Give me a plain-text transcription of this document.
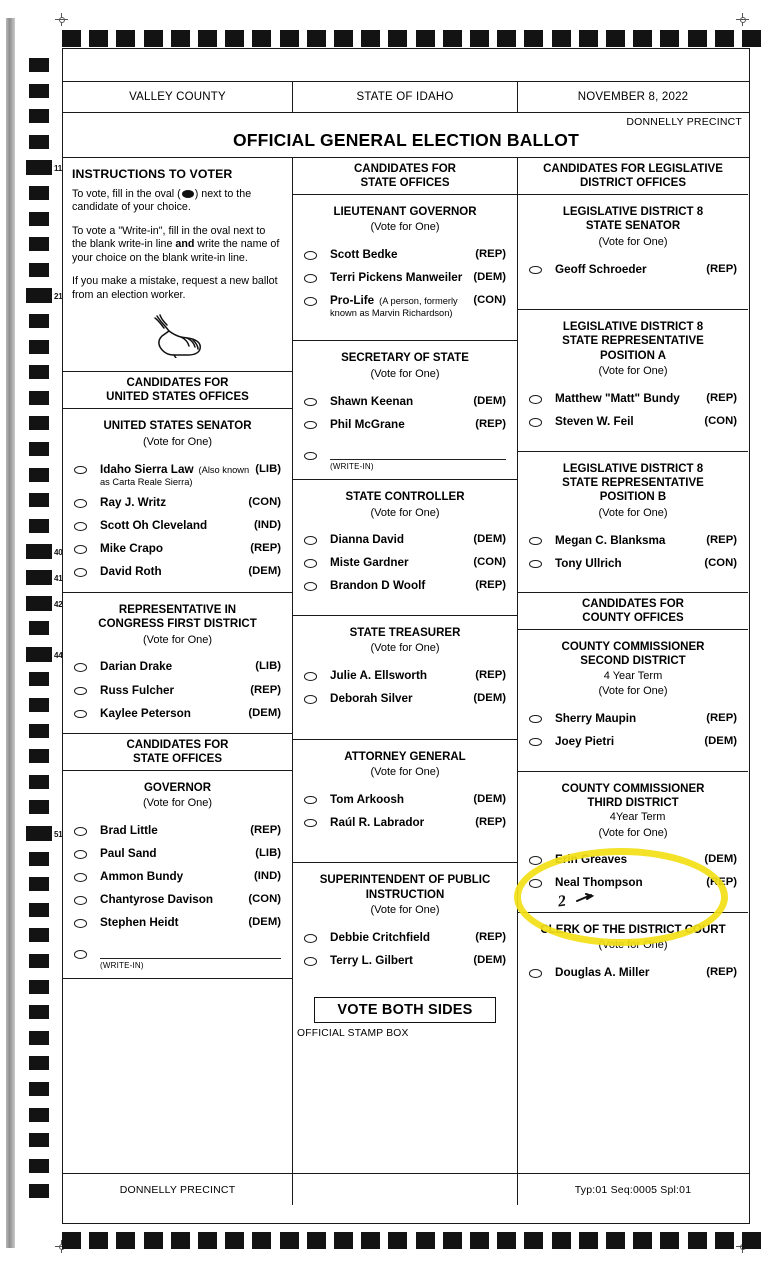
11
21
40
41
42
44
51
VALLEY COUNTY	STATE OF IDAHO	NOVEMBER 8, 2022
OFFICIAL GENERAL ELECTION BALLOT
DONNELLY PRECINCT
INSTRUCTIONS TO VOTER

To vote, fill in the oval ( ) next to the candidate of your choice.

To vote a "Write-in", fill in the oval next to the blank write-in line and write the name of your choice on the blank write-in line.

If you make a mistake, request a new ballot from an election worker.

CANDIDATES FOR
UNITED STATES OFFICES
UNITED STATES SENATOR
(Vote for One)
Idaho Sierra Law (Also known
as Carta Reale Sierra)
(LIB)
Ray J. Writz	(CON)
Scott Oh Cleveland	(IND)
Mike Crapo	(REP)
David Roth	(DEM)
REPRESENTATIVE IN
CONGRESS FIRST DISTRICT
(Vote for One)
Darian Drake	(LIB)
Russ Fulcher	(REP)
Kaylee Peterson	(DEM)
CANDIDATES FOR
STATE OFFICES
GOVERNOR
(Vote for One)
Brad Little	(REP)
Paul Sand	(LIB)
Ammon Bundy	(IND)
Chantyrose Davison	(CON)
Stephen Heidt	(DEM)
(WRITE-IN)
CANDIDATES FOR
STATE OFFICES
LIEUTENANT GOVERNOR
(Vote for One)
Scott Bedke	(REP)
Terri Pickens Manweiler (DEM)
Pro-Life (A person, formerly
known as Marvin Richardson)
(CON)
SECRETARY OF STATE
(Vote for One)
Shawn Keenan	(DEM)
Phil McGrane	(REP)
(WRITE-IN)
STATE CONTROLLER
(Vote for One)
Dianna David	(DEM)
Miste Gardner	(CON)
Brandon D Woolf	(REP)
STATE TREASURER
(Vote for One)
Julie A. Ellsworth	(REP)
Deborah Silver	(DEM)
ATTORNEY GENERAL
(Vote for One)
Tom Arkoosh	(DEM)
Raúl R. Labrador	(REP)
SUPERINTENDENT OF PUBLIC
INSTRUCTION
(Vote for One)
Debbie Critchfield	(REP)
Terry L. Gilbert	(DEM)
VOTE BOTH SIDES
OFFICIAL STAMP BOX
CANDIDATES FOR LEGISLATIVE
DISTRICT OFFICES
LEGISLATIVE DISTRICT 8
STATE SENATOR
(Vote for One)
Geoff Schroeder	(REP)
LEGISLATIVE DISTRICT 8
STATE REPRESENTATIVE
POSITION A
(Vote for One)
Matthew "Matt" Bundy	(REP)
Steven W. Feil	(CON)
LEGISLATIVE DISTRICT 8
STATE REPRESENTATIVE
POSITION B
(Vote for One)
Megan C. Blanksma	(REP)
Tony Ullrich	(CON)
CANDIDATES FOR
COUNTY OFFICES
COUNTY COMMISSIONER
SECOND DISTRICT
4 Year Term
(Vote for One)
Sherry Maupin	(REP)
Joey Pietri	(DEM)
COUNTY COMMISSIONER
THIRD DISTRICT
4Year Term
(Vote for One)
Erin Greaves	(DEM)
Neal Thompson	(REP)
CLERK OF THE DISTRICT COURT
(Vote for One)
Douglas A. Miller	(REP)
DONNELLY PRECINCT	Typ:01 Seq:0005 Spl:01
2
